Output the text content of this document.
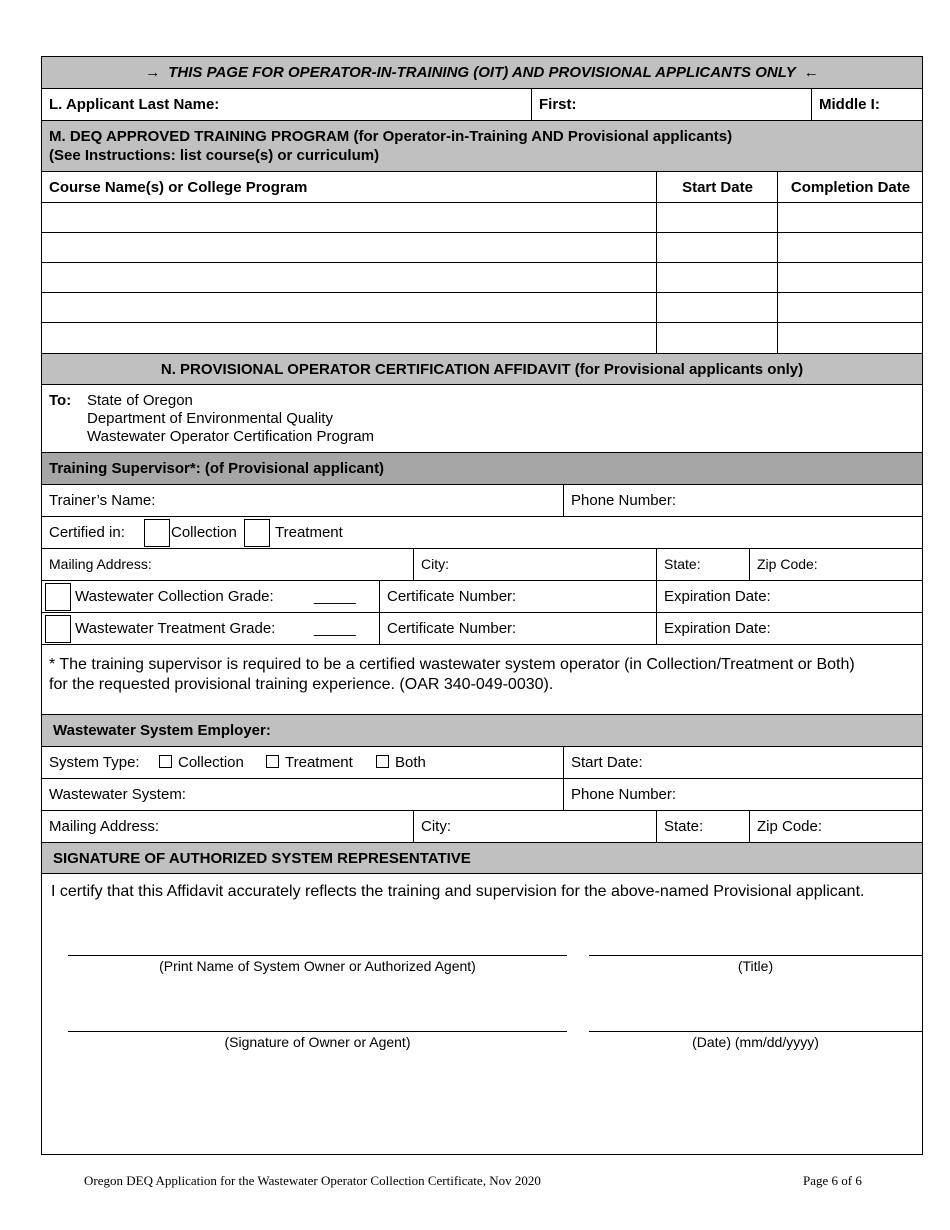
→ THIS PAGE FOR OPERATOR-IN-TRAINING (OIT) AND PROVISIONAL APPLICANTS ONLY ←
L. Applicant Last Name:	First:	Middle I:
M. DEQ APPROVED TRAINING PROGRAM (for Operator-in-Training AND Provisional applicants)
(See Instructions: list course(s) or curriculum)
Course Name(s) or College Program	Start Date	Completion Date
N. PROVISIONAL OPERATOR CERTIFICATION AFFIDAVIT (for Provisional applicants only)
To: State of Oregon
Department of Environmental Quality
Wastewater Operator Certification Program
Training Supervisor*: (of Provisional applicant)
Trainer’s Name:	Phone Number:
Certified in:	Collection	Treatment
Mailing Address:	City:	State:	Zip Code:
Wastewater Collection Grade:	_____ Certificate Number:	Expiration Date:
Wastewater Treatment Grade:	_____ Certificate Number:	Expiration Date:
* The training supervisor is required to be a certified wastewater system operator (in Collection/Treatment or Both)
for the requested provisional training experience. (OAR 340-049-0030).
Wastewater System Employer:
System Type:	Collection	Treatment	Both	Start Date:
Wastewater System:	Phone Number:
Mailing Address:	City:	State:	Zip Code:
SIGNATURE OF AUTHORIZED SYSTEM REPRESENTATIVE
I certify that this Affidavit accurately reflects the training and supervision for the above-named Provisional applicant.
(Print Name of System Owner or Authorized Agent)	(Title)
(Signature of Owner or Agent)	(Date) (mm/dd/yyyy)
Oregon DEQ Application for the Wastewater Operator Collection Certificate, Nov 2020	Page 6 of 6
